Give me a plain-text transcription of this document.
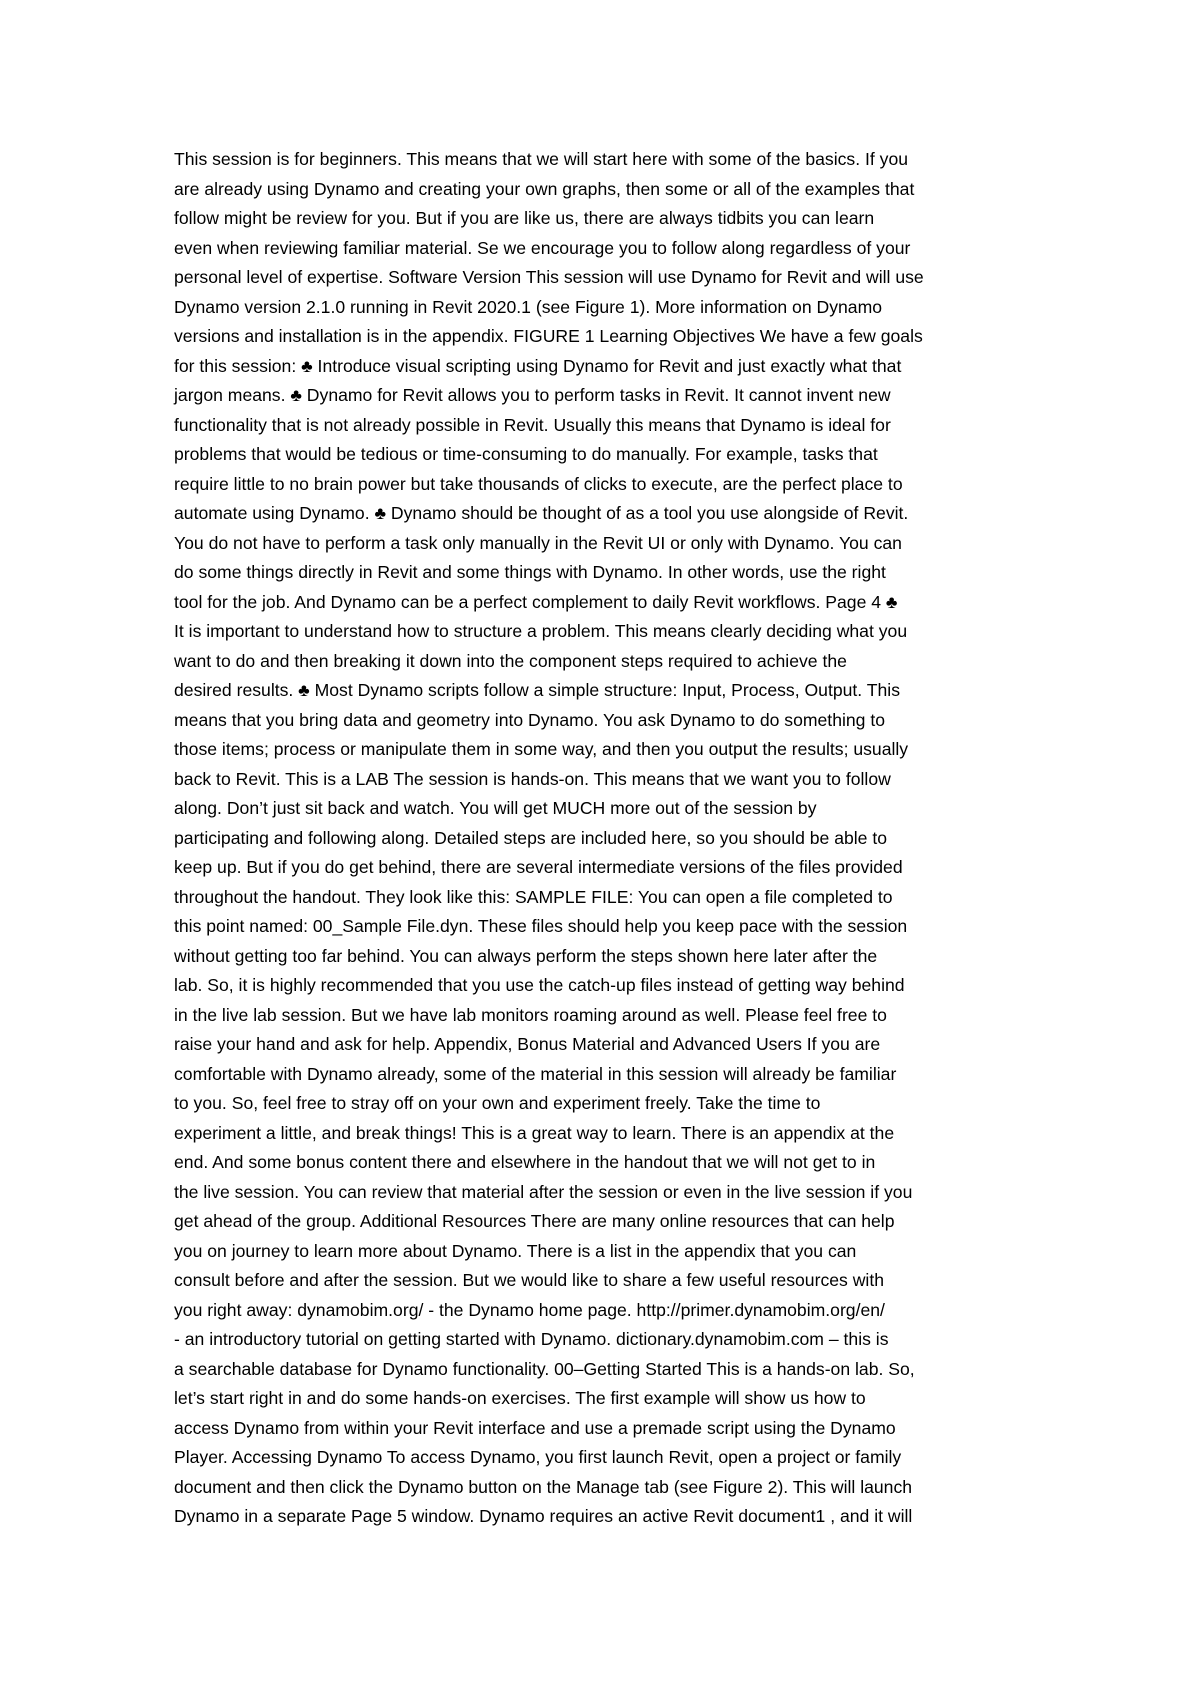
This session is for beginners. This means that we will start here with some of the basics. If you
are already using Dynamo and creating your own graphs, then some or all of the examples that
follow might be review for you. But if you are like us, there are always tidbits you can learn
even when reviewing familiar material. Se we encourage you to follow along regardless of your
personal level of expertise. Software Version This session will use Dynamo for Revit and will use
Dynamo version 2.1.0 running in Revit 2020.1 (see Figure 1). More information on Dynamo
versions and installation is in the appendix. FIGURE 1 Learning Objectives We have a few goals
for this session: ♣ Introduce visual scripting using Dynamo for Revit and just exactly what that
jargon means. ♣ Dynamo for Revit allows you to perform tasks in Revit. It cannot invent new
functionality that is not already possible in Revit. Usually this means that Dynamo is ideal for
problems that would be tedious or time-consuming to do manually. For example, tasks that
require little to no brain power but take thousands of clicks to execute, are the perfect place to
automate using Dynamo. ♣ Dynamo should be thought of as a tool you use alongside of Revit.
You do not have to perform a task only manually in the Revit UI or only with Dynamo. You can
do some things directly in Revit and some things with Dynamo. In other words, use the right
tool for the job. And Dynamo can be a perfect complement to daily Revit workflows. Page 4 ♣
It is important to understand how to structure a problem. This means clearly deciding what you
want to do and then breaking it down into the component steps required to achieve the
desired results. ♣ Most Dynamo scripts follow a simple structure: Input, Process, Output. This
means that you bring data and geometry into Dynamo. You ask Dynamo to do something to
those items; process or manipulate them in some way, and then you output the results; usually
back to Revit. This is a LAB The session is hands-on. This means that we want you to follow
along. Don’t just sit back and watch. You will get MUCH more out of the session by
participating and following along. Detailed steps are included here, so you should be able to
keep up. But if you do get behind, there are several intermediate versions of the files provided
throughout the handout. They look like this: SAMPLE FILE: You can open a file completed to
this point named: 00_Sample File.dyn. These files should help you keep pace with the session
without getting too far behind. You can always perform the steps shown here later after the
lab. So, it is highly recommended that you use the catch-up files instead of getting way behind
in the live lab session. But we have lab monitors roaming around as well. Please feel free to
raise your hand and ask for help. Appendix, Bonus Material and Advanced Users If you are
comfortable with Dynamo already, some of the material in this session will already be familiar
to you. So, feel free to stray off on your own and experiment freely. Take the time to
experiment a little, and break things! This is a great way to learn. There is an appendix at the
end. And some bonus content there and elsewhere in the handout that we will not get to in
the live session. You can review that material after the session or even in the live session if you
get ahead of the group. Additional Resources There are many online resources that can help
you on journey to learn more about Dynamo. There is a list in the appendix that you can
consult before and after the session. But we would like to share a few useful resources with
you right away: dynamobim.org/ - the Dynamo home page. http://primer.dynamobim.org/en/
- an introductory tutorial on getting started with Dynamo. dictionary.dynamobim.com – this is
a searchable database for Dynamo functionality. 00–Getting Started This is a hands-on lab. So,
let’s start right in and do some hands-on exercises. The first example will show us how to
access Dynamo from within your Revit interface and use a premade script using the Dynamo
Player. Accessing Dynamo To access Dynamo, you first launch Revit, open a project or family
document and then click the Dynamo button on the Manage tab (see Figure 2). This will launch
Dynamo in a separate Page 5 window. Dynamo requires an active Revit document1 , and it will
